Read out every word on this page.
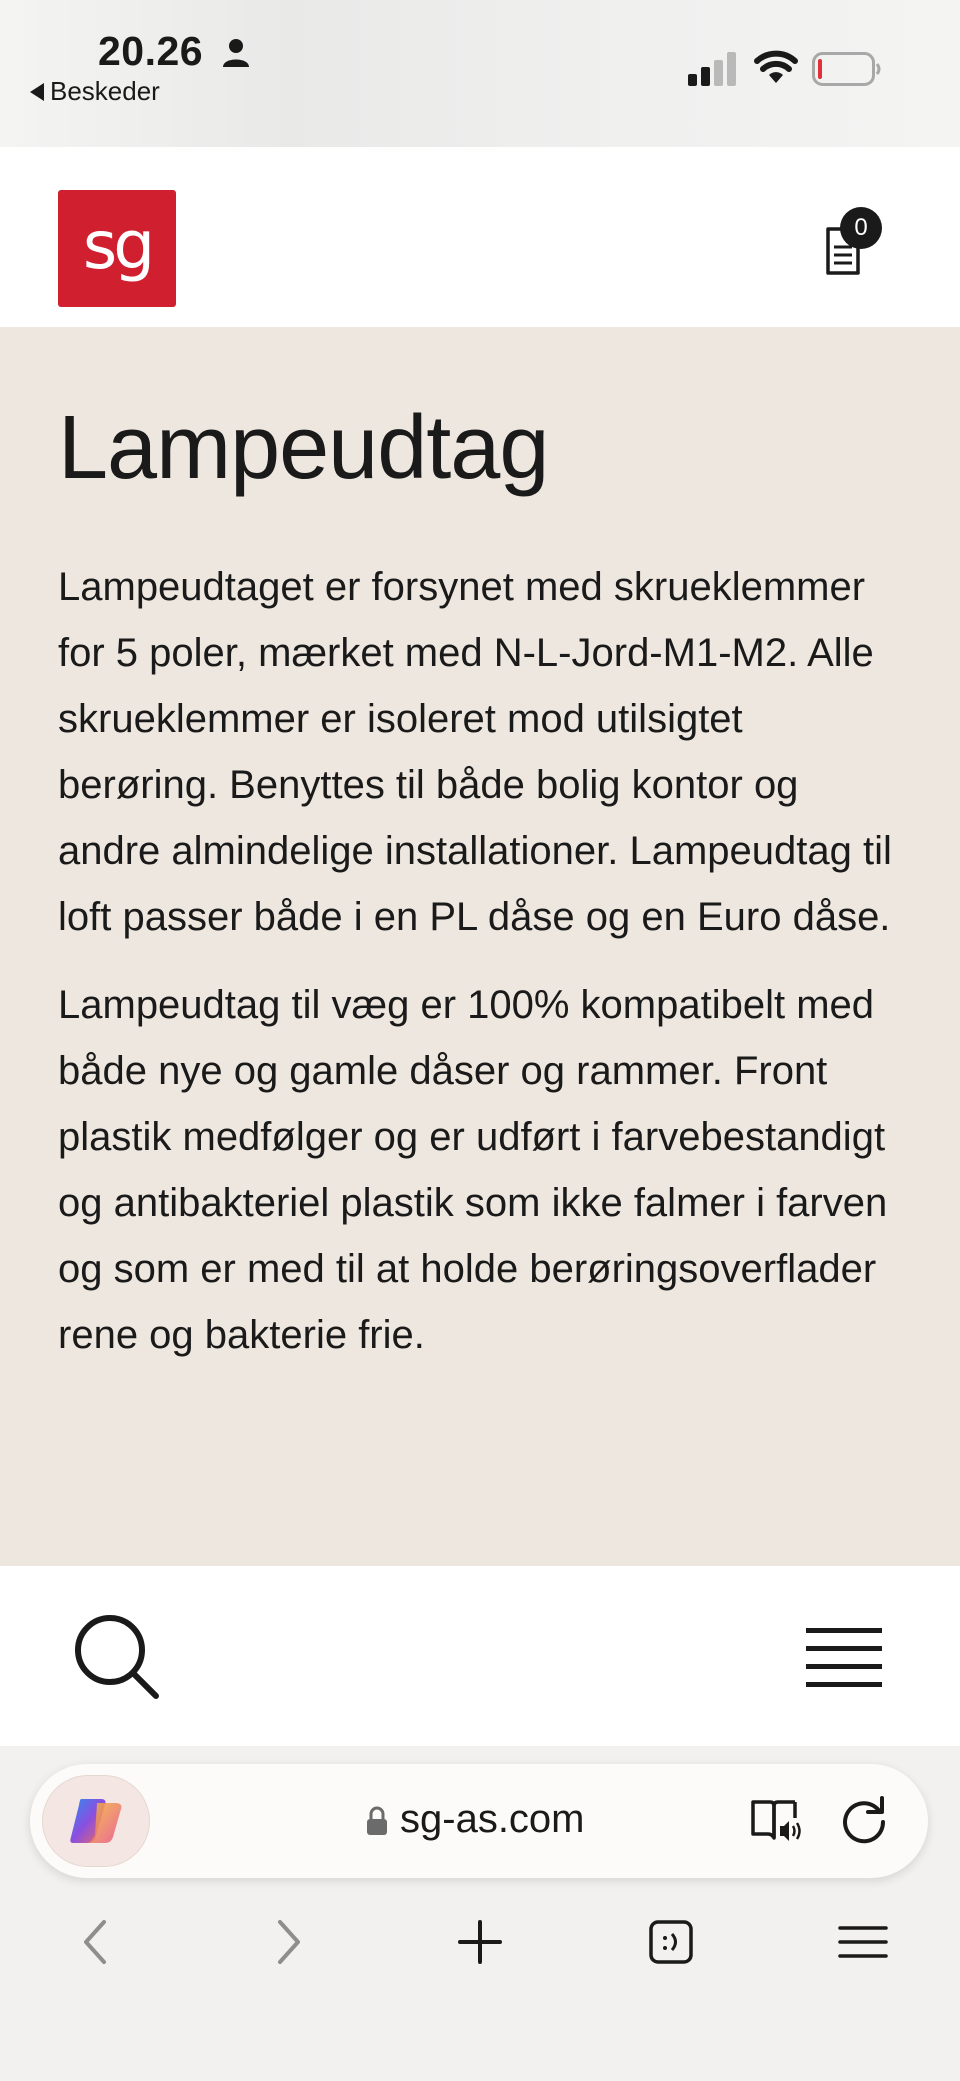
20.26
Beskeder
sg	0
Lampeudtag

Lampeudtaget er forsynet med skrueklemmer for 5 poler, mærket med N-L-Jord-M1-M2. Alle skrueklemmer er isoleret mod utilsigtet berøring. Benyttes til både bolig kontor og andre almindelige installationer. Lampeudtag til loft passer både i en PL dåse og en Euro dåse.

Lampeudtag til væg er 100% kompatibelt med både nye og gamle dåser og rammer. Front plastik medfølger og er udført i farvebestandigt og antibakteriel plastik som ikke falmer i farven og som er med til at holde berøringsoverflader rene og bakterie frie.

sg-as.com
